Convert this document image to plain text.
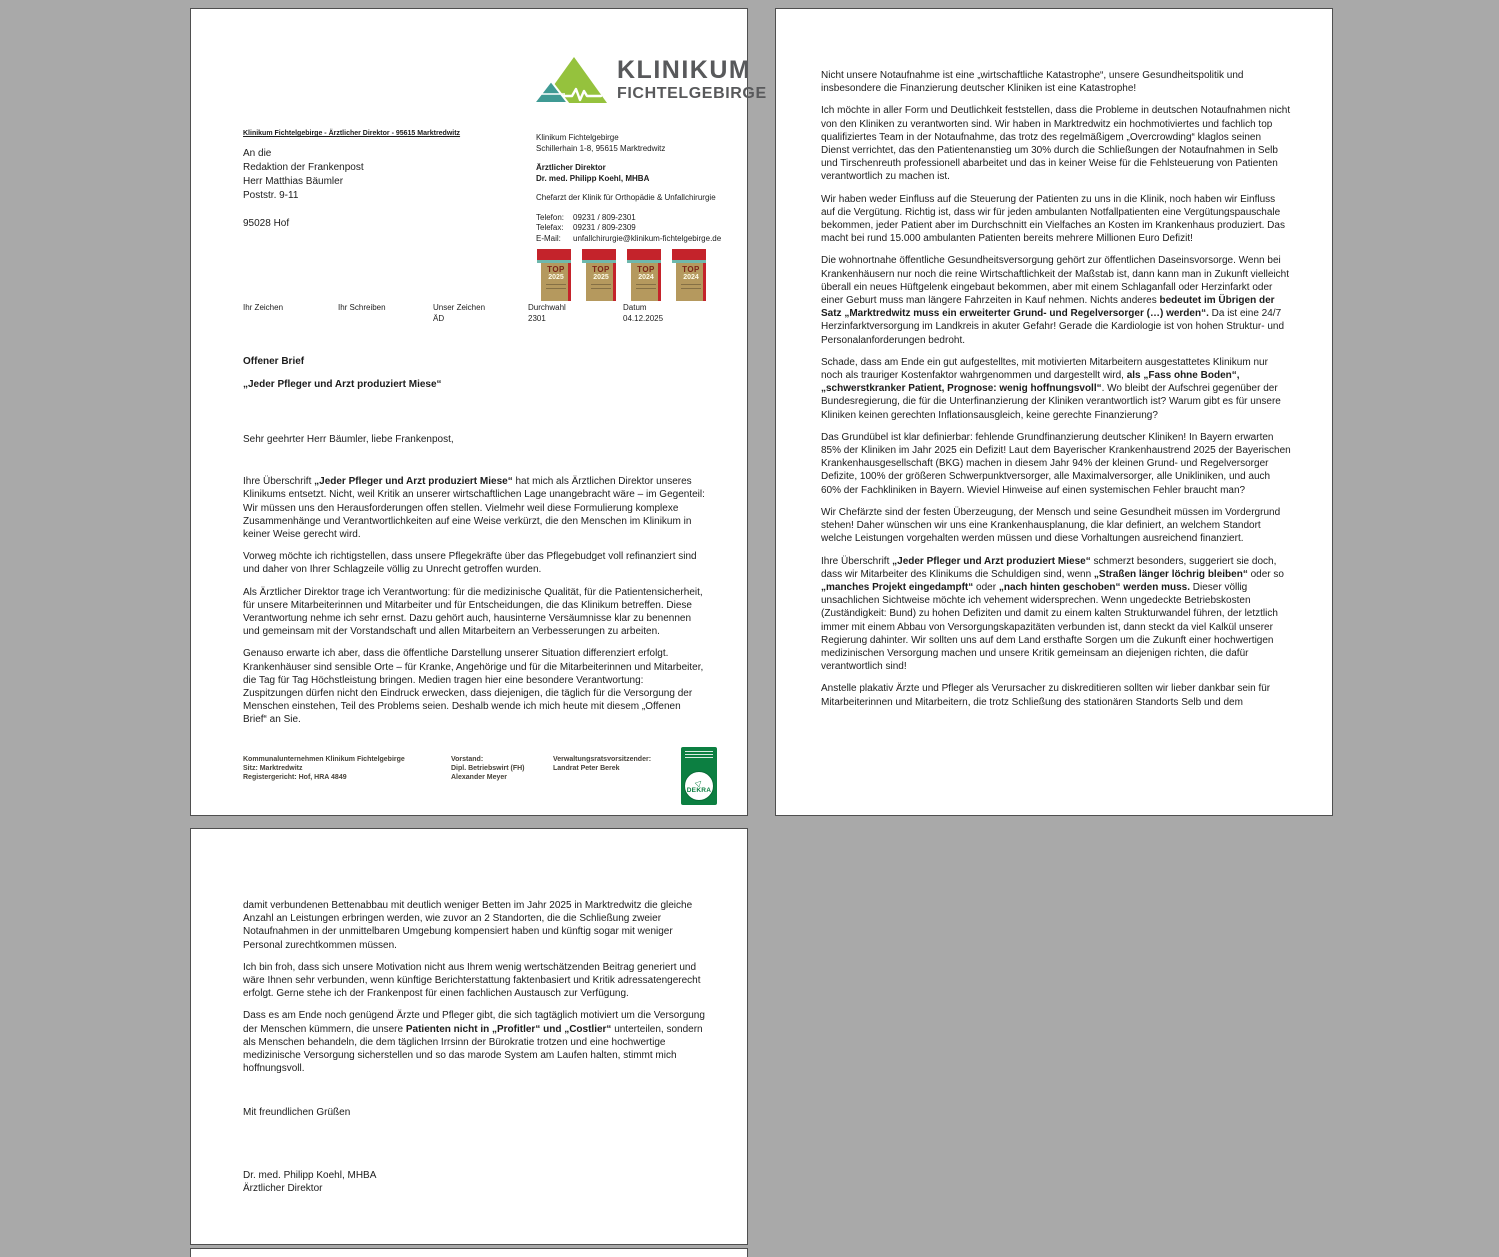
KLINIKUM
FICHTELGEBIRGE
Klinikum Fichtelgebirge - Ärztlicher Direktor - 95615 Marktredwitz
An die
Redaktion der Frankenpost
Herr Matthias Bäumler
Poststr. 9-11
95028 Hof
Klinikum Fichtelgebirge
Schillerhain 1-8, 95615 Marktredwitz
Ärztlicher Direktor
Dr. med. Philipp Koehl, MHBA
Chefarzt der Klinik für Orthopädie & Unfallchirurgie
Telefon: 09231 / 809-2301
Telefax: 09231 / 809-2309
E-Mail: unfallchirurgie@klinikum-fichtelgebirge.de
TOP
2025
TOP
2025
TOP
2024
TOP
2024
Ihr Zeichen	Ihr Schreiben	Unser Zeichen
ÄD
Durchwahl
2301
Datum
04.12.2025
Offener Brief
„Jeder Pfleger und Arzt produziert Miese“
Sehr geehrter Herr Bäumler, liebe Frankenpost,

Ihre Überschrift „Jeder Pfleger und Arzt produziert Miese“ hat mich als Ärztlichen Direktor unseres Klinikums entsetzt. Nicht, weil Kritik an unserer wirtschaftlichen Lage unangebracht wäre – im Gegenteil: Wir müssen uns den Herausforderungen offen stellen. Vielmehr weil diese Formulierung komplexe Zusammenhänge und Verantwortlichkeiten auf eine Weise verkürzt, die den Menschen im Klinikum in keiner Weise gerecht wird.

Vorweg möchte ich richtigstellen, dass unsere Pflegekräfte über das Pflegebudget voll refinanziert sind und daher von Ihrer Schlagzeile völlig zu Unrecht getroffen wurden.

Als Ärztlicher Direktor trage ich Verantwortung: für die medizinische Qualität, für die Patientensicherheit, für unsere Mitarbeiterinnen und Mitarbeiter und für Entscheidungen, die das Klinikum betreffen. Diese Verantwortung nehme ich sehr ernst. Dazu gehört auch, hausinterne Versäumnisse klar zu benennen und gemeinsam mit der Vorstandschaft und allen Mitarbeitern an Verbesserungen zu arbeiten.

Genauso erwarte ich aber, dass die öffentliche Darstellung unserer Situation differenziert erfolgt. Krankenhäuser sind sensible Orte – für Kranke, Angehörige und für die Mitarbeiterinnen und Mitarbeiter, die Tag für Tag Höchstleistung bringen. Medien tragen hier eine besondere Verantwortung: Zuspitzungen dürfen nicht den Eindruck erwecken, dass diejenigen, die täglich für die Versorgung der Menschen einstehen, Teil des Problems seien. Deshalb wende ich mich heute mit diesem „Offenen Brief“ an Sie.

Kommunalunternehmen Klinikum Fichtelgebirge
Sitz: Marktredwitz
Registergericht: Hof, HRA 4849
Vorstand:
Dipl. Betriebswirt (FH)
Alexander Meyer
Verwaltungsratsvorsitzender:
Landrat Peter Berek
▷
DEKRA

Nicht unsere Notaufnahme ist eine „wirtschaftliche Katastrophe“, unsere Gesundheitspolitik und insbesondere die Finanzierung deutscher Kliniken ist eine Katastrophe!

Ich möchte in aller Form und Deutlichkeit feststellen, dass die Probleme in deutschen Notaufnahmen nicht von den Kliniken zu verantworten sind. Wir haben in Marktredwitz ein hochmotiviertes und fachlich top qualifiziertes Team in der Notaufnahme, das trotz des regelmäßigem „Overcrowding“ klaglos seinen Dienst verrichtet, das den Patientenanstieg um 30% durch die Schließungen der Notaufnahmen in Selb und Tirschenreuth professionell abarbeitet und das in keiner Weise für die Fehlsteuerung von Patienten verantwortlich zu machen ist.

Wir haben weder Einfluss auf die Steuerung der Patienten zu uns in die Klinik, noch haben wir Einfluss auf die Vergütung. Richtig ist, dass wir für jeden ambulanten Notfallpatienten eine Vergütungspauschale bekommen, jeder Patient aber im Durchschnitt ein Vielfaches an Kosten im Krankenhaus produziert. Das macht bei rund 15.000 ambulanten Patienten bereits mehrere Millionen Euro Defizit!

Die wohnortnahe öffentliche Gesundheitsversorgung gehört zur öffentlichen Daseinsvorsorge. Wenn bei Krankenhäusern nur noch die reine Wirtschaftlichkeit der Maßstab ist, dann kann man in Zukunft vielleicht überall ein neues Hüftgelenk eingebaut bekommen, aber mit einem Schlaganfall oder Herzinfarkt oder einer Geburt muss man längere Fahrzeiten in Kauf nehmen. Nichts anderes bedeutet im Übrigen der Satz „Marktredwitz muss ein erweiterter Grund- und Regelversorger (…) werden“. Da ist eine 24/7 Herzinfarktversorgung im Landkreis in akuter Gefahr! Gerade die Kardiologie ist von hohen Struktur- und Personalanforderungen bedroht.

Schade, dass am Ende ein gut aufgestelltes, mit motivierten Mitarbeitern ausgestattetes Klinikum nur noch als trauriger Kostenfaktor wahrgenommen und dargestellt wird, als „Fass ohne Boden“, „schwerstkranker Patient, Prognose: wenig hoffnungsvoll“. Wo bleibt der Aufschrei gegenüber der Bundesregierung, die für die Unterfinanzierung der Kliniken verantwortlich ist? Warum gibt es für unsere Kliniken keinen gerechten Inflationsausgleich, keine gerechte Finanzierung?

Das Grundübel ist klar definierbar: fehlende Grundfinanzierung deutscher Kliniken! In Bayern erwarten 85% der Kliniken im Jahr 2025 ein Defizit! Laut dem Bayerischer Krankenhaustrend 2025 der Bayerischen Krankenhausgesellschaft (BKG) machen in diesem Jahr 94% der kleinen Grund- und Regelversorger Defizite, 100% der größeren Schwerpunktversorger, alle Maximalversorger, alle Unikliniken, und auch 60% der Fachkliniken in Bayern. Wieviel Hinweise auf einen systemischen Fehler braucht man?

Wir Chefärzte sind der festen Überzeugung, der Mensch und seine Gesundheit müssen im Vordergrund stehen! Daher wünschen wir uns eine Krankenhausplanung, die klar definiert, an welchem Standort welche Leistungen vorgehalten werden müssen und diese Vorhaltungen ausreichend finanziert.

Ihre Überschrift „Jeder Pfleger und Arzt produziert Miese“ schmerzt besonders, suggeriert sie doch, dass wir Mitarbeiter des Klinikums die Schuldigen sind, wenn „Straßen länger löchrig bleiben“ oder so „manches Projekt eingedampft“ oder „nach hinten geschoben“ werden muss. Dieser völlig unsachlichen Sichtweise möchte ich vehement widersprechen. Wenn ungedeckte Betriebskosten (Zuständigkeit: Bund) zu hohen Defiziten und damit zu einem kalten Strukturwandel führen, der letztlich immer mit einem Abbau von Versorgungskapazitäten verbunden ist, dann steckt da viel Kalkül unserer Regierung dahinter. Wir sollten uns auf dem Land ersthafte Sorgen um die Zukunft einer hochwertigen medizinischen Versorgung machen und unsere Kritik gemeinsam an diejenigen richten, die dafür verantwortlich sind!

Anstelle plakativ Ärzte und Pfleger als Verursacher zu diskreditieren sollten wir lieber dankbar sein für Mitarbeiterinnen und Mitarbeitern, die trotz Schließung des stationären Standorts Selb und dem

damit verbundenen Bettenabbau mit deutlich weniger Betten im Jahr 2025 in Marktredwitz die gleiche Anzahl an Leistungen erbringen werden, wie zuvor an 2 Standorten, die die Schließung zweier Notaufnahmen in der unmittelbaren Umgebung kompensiert haben und künftig sogar mit weniger Personal zurechtkommen müssen.

Ich bin froh, dass sich unsere Motivation nicht aus Ihrem wenig wertschätzenden Beitrag generiert und wäre Ihnen sehr verbunden, wenn künftige Berichterstattung faktenbasiert und Kritik adressatengerecht erfolgt. Gerne stehe ich der Frankenpost für einen fachlichen Austausch zur Verfügung.

Dass es am Ende noch genügend Ärzte und Pfleger gibt, die sich tagtäglich motiviert um die Versorgung der Menschen kümmern, die unsere Patienten nicht in „Profitler“ und „Costlier“ unterteilen, sondern als Menschen behandeln, die dem täglichen Irrsinn der Bürokratie trotzen und eine hochwertige medizinische Versorgung sicherstellen und so das marode System am Laufen halten, stimmt mich hoffnungsvoll.

Mit freundlichen Grüßen
Dr. med. Philipp Koehl, MHBA
Ärztlicher Direktor
